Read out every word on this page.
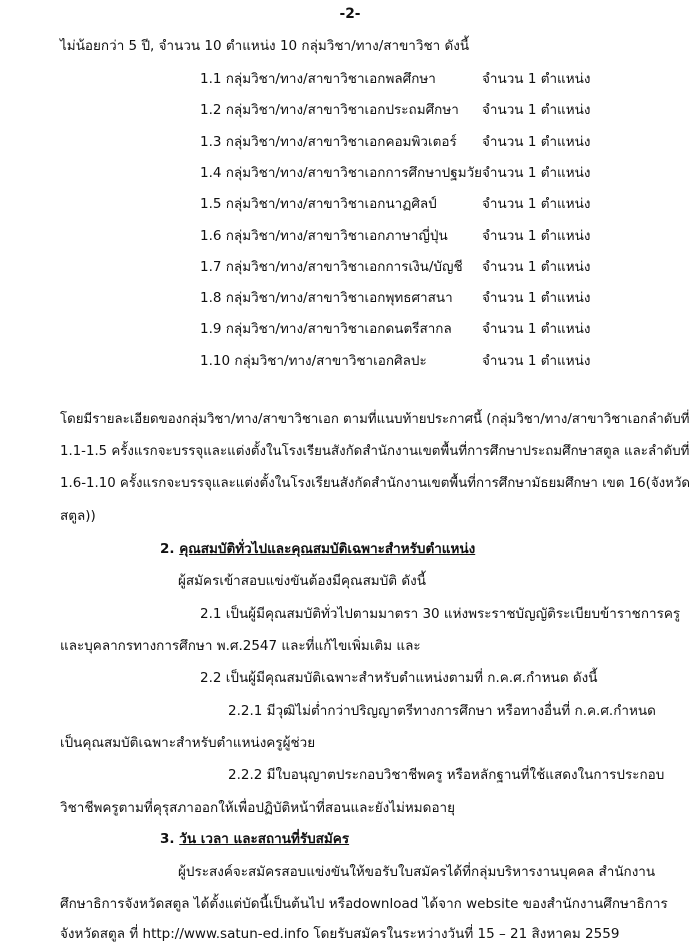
-2-
ไม่น้อยกว่า 5 ปี, จำนวน 10 ตำแหน่ง 10 กลุ่มวิชา/ทาง/สาขาวิชา ดังนี้
1.1 กลุ่มวิชา/ทาง/สาขาวิชาเอกพลศึกษา	จำนวน 1 ตำแหน่ง
1.2 กลุ่มวิชา/ทาง/สาขาวิชาเอกประถมศึกษา จำนวน 1 ตำแหน่ง
1.3 กลุ่มวิชา/ทาง/สาขาวิชาเอกคอมพิวเตอร์ จำนวน 1 ตำแหน่ง
1.4 กลุ่มวิชา/ทาง/สาขาวิชาเอกการศึกษาปฐมวัย จำนวน 1 ตำแหน่ง
1.5 กลุ่มวิชา/ทาง/สาขาวิชาเอกนาฏศิลป์	จำนวน 1 ตำแหน่ง
1.6 กลุ่มวิชา/ทาง/สาขาวิชาเอกภาษาญี่ปุ่น	จำนวน 1 ตำแหน่ง
1.7 กลุ่มวิชา/ทาง/สาขาวิชาเอกการเงิน/บัญชี จำนวน 1 ตำแหน่ง
1.8 กลุ่มวิชา/ทาง/สาขาวิชาเอกพุทธศาสนา จำนวน 1 ตำแหน่ง
1.9 กลุ่มวิชา/ทาง/สาขาวิชาเอกดนตรีสากล จำนวน 1 ตำแหน่ง
1.10 กลุ่มวิชา/ทาง/สาขาวิชาเอกศิลปะ	จำนวน 1 ตำแหน่ง
โดยมีรายละเอียดของกลุ่มวิชา/ทาง/สาขาวิชาเอก ตามที่แนบท้ายประกาศนี้ (กลุ่มวิชา/ทาง/สาขาวิชาเอกลำดับที่
1.1-1.5 ครั้งแรกจะบรรจุและแต่งตั้งในโรงเรียนสังกัดสำนักงานเขตพื้นที่การศึกษาประถมศึกษาสตูล และลำดับที่
1.6-1.10 ครั้งแรกจะบรรจุและแต่งตั้งในโรงเรียนสังกัดสำนักงานเขตพื้นที่การศึกษามัธยมศึกษา เขต 16(จังหวัด
สตูล))
2. คุณสมบัติทั่วไปและคุณสมบัติเฉพาะสำหรับตำแหน่ง
ผู้สมัครเข้าสอบแข่งขันต้องมีคุณสมบัติ ดังนี้
2.1 เป็นผู้มีคุณสมบัติทั่วไปตามมาตรา 30 แห่งพระราชบัญญัติระเบียบข้าราชการครู
และบุคลากรทางการศึกษา พ.ศ.2547 และที่แก้ไขเพิ่มเติม และ
2.2 เป็นผู้มีคุณสมบัติเฉพาะสำหรับตำแหน่งตามที่ ก.ค.ศ.กำหนด ดังนี้
2.2.1 มีวุฒิไม่ต่ำกว่าปริญญาตรีทางการศึกษา หรือทางอื่นที่ ก.ค.ศ.กำหนด
เป็นคุณสมบัติเฉพาะสำหรับตำแหน่งครูผู้ช่วย
2.2.2 มีใบอนุญาตประกอบวิชาชีพครู หรือหลักฐานที่ใช้แสดงในการประกอบ
วิชาชีพครูตามที่คุรุสภาออกให้เพื่อปฏิบัติหน้าที่สอนและยังไม่หมดอายุ
3. วัน เวลา และสถานที่รับสมัคร
ผู้ประสงค์จะสมัครสอบแข่งขันให้ขอรับใบสมัครได้ที่กลุ่มบริหารงานบุคคล สำนักงาน
ศึกษาธิการจังหวัดสตูล ได้ตั้งแต่บัดนี้เป็นต้นไป หรือdownload ได้จาก website ของสำนักงานศึกษาธิการ
จังหวัดสตูล ที่ http://www.satun-ed.info โดยรับสมัครในระหว่างวันที่ 15 – 21 สิงหาคม 2559
